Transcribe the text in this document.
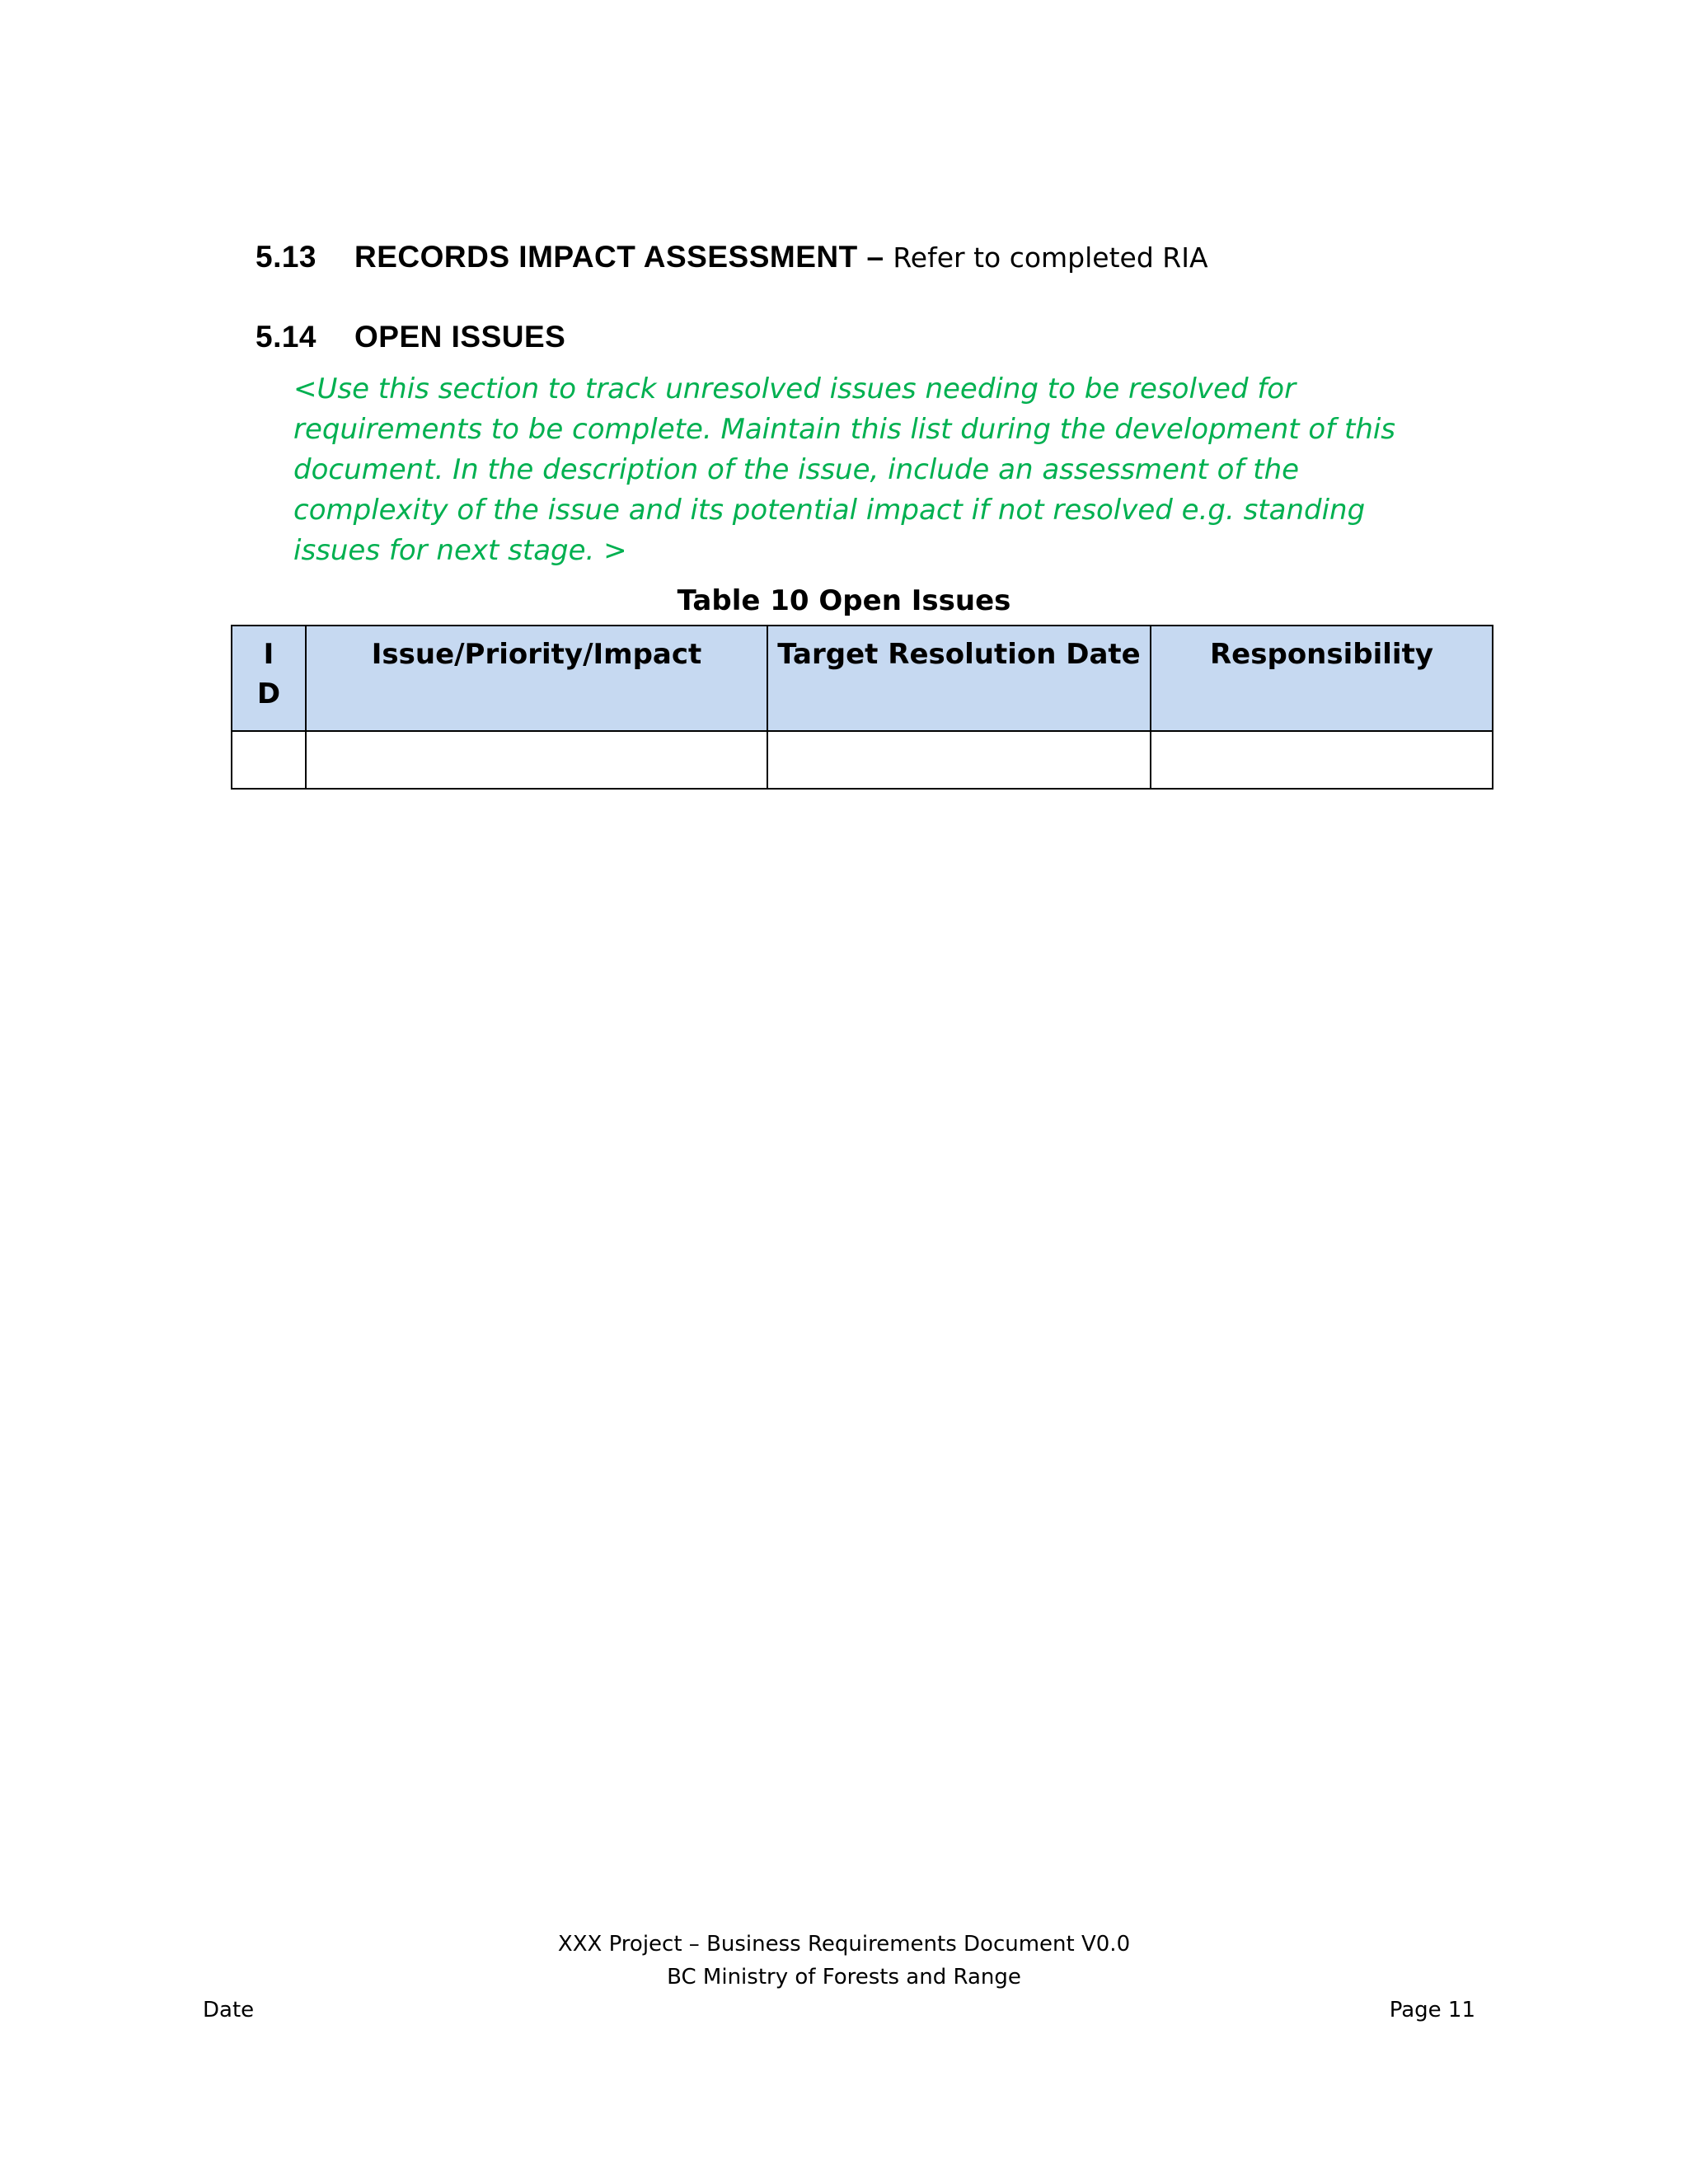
5.13 RECORDS IMPACT ASSESSMENT – Refer to completed RIA
5.14 OPEN ISSUES
<Use this section to track unresolved issues needing to be resolved for requirements to be complete. Maintain this list during the development of this document. In the description of the issue, include an assessment of the complexity of the issue and its potential impact if not resolved e.g. standing issues for next stage. >
Table 10 Open Issues
I
D	Issue/Priority/Impact	Target Resolution Date	Responsibility

XXX Project – Business Requirements Document V0.0
BC Ministry of Forests and Range
Date	Page 11
